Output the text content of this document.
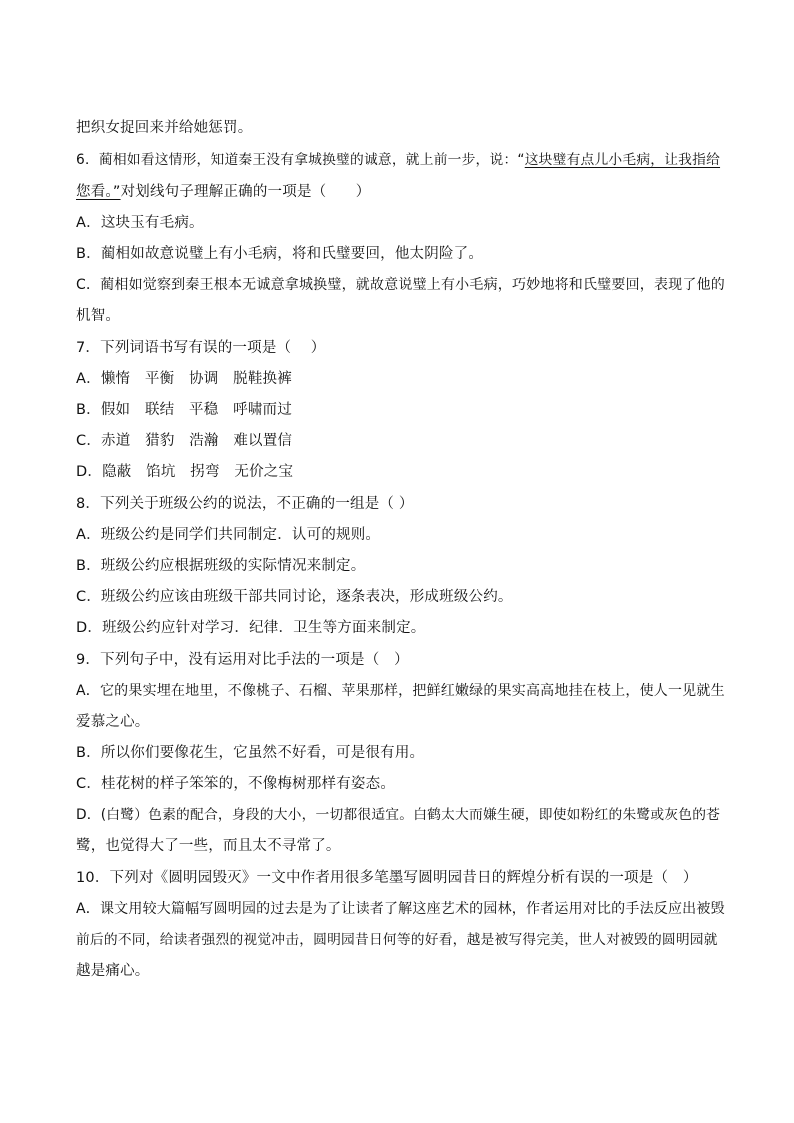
把织女捉回来并给她惩罚。
6．蔺相如看这情形，知道秦王没有拿城换璧的诚意，就上前一步，说：“这块璧有点儿小毛病，让我指给
您看。”对划线句子理解正确的一项是（　　）
A．这块玉有毛病。
B．蔺相如故意说璧上有小毛病，将和氏璧要回，他太阴险了。
C．蔺相如觉察到秦王根本无诚意拿城换璧，就故意说璧上有小毛病，巧妙地将和氏璧要回，表现了他的
机智。
7．下列词语书写有误的一项是（　 ）
A．懒惰　平衡　协调　脱鞋换裤
B．假如　联结　平稳　呼啸而过
C．赤道　猎豹　浩瀚　难以置信
D．隐蔽　馅坑　拐弯　无价之宝
8．下列关于班级公约的说法，不正确的一组是（ ）
A．班级公约是同学们共同制定．认可的规则。
B．班级公约应根据班级的实际情况来制定。
C．班级公约应该由班级干部共同讨论，逐条表决，形成班级公约。
D．班级公约应针对学习．纪律．卫生等方面来制定。
9．下列句子中，没有运用对比手法的一项是（　）
A．它的果实埋在地里，不像桃子、石榴、苹果那样，把鲜红嫩绿的果实高高地挂在枝上，使人一见就生
爱慕之心。
B．所以你们要像花生，它虽然不好看，可是很有用。
C．桂花树的样子笨笨的，不像梅树那样有姿态。
D．(白鹭）色素的配合，身段的大小，一切都很适宜。白鹤太大而嫌生硬，即使如粉红的朱鹭或灰色的苍
鹭，也觉得大了一些，而且太不寻常了。
10．下列对《圆明园毁灭》一文中作者用很多笔墨写圆明园昔日的辉煌分析有误的一项是（　）
A．课文用较大篇幅写圆明园的过去是为了让读者了解这座艺术的园林，作者运用对比的手法反应出被毁
前后的不同，给读者强烈的视觉冲击，圆明园昔日何等的好看，越是被写得完美，世人对被毁的圆明园就
越是痛心。
